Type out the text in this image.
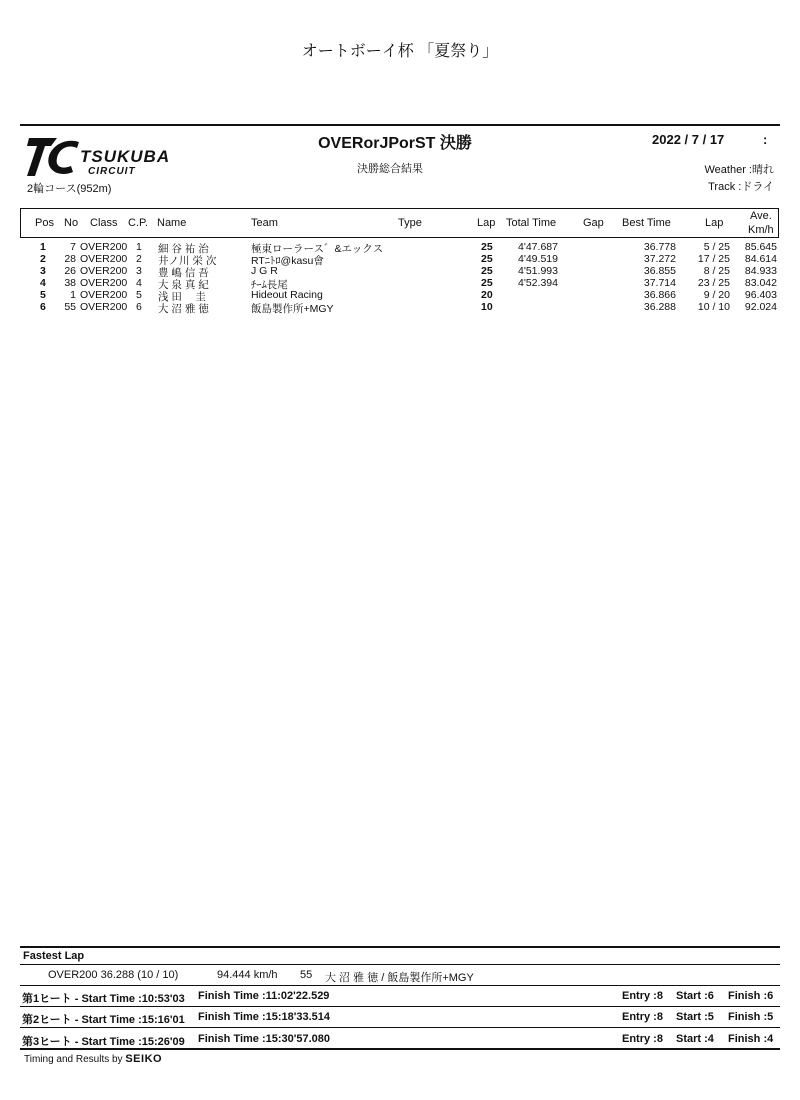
オートボーイ杯 「夏祭り」
TSUKUBA
CIRCUIT
2輪コース(952m)
OVERorJPorST 決勝	2022 / 7 / 17	:
決勝総合結果	Weather :晴れ
Track :ドライ
Pos No Class C.P. Name	Team	Type	Lap Total Time Gap Best Time	Lap
Ave.
Km/h
1	7 OVER200 1 細 谷 祐 治	極東ローラース゛&エックス	25 4'47.687	36.778	5 / 25	85.645
2	28 OVER200 2 井ノ川 栄 次	RTﾆﾄﾛ@kasu會	25 4'49.519	37.272	17 / 25	84.614
3	26 OVER200 3 豊 嶋 信 吾	J G R	25 4'51.993	36.855	8 / 25	84.933
4	38 OVER200 4 大 泉 真 紀	ﾁｰﾑ長尾	25 4'52.394	37.714	23 / 25	83.042
5	1 OVER200 5 浅 田 　圭	Hideout Racing	20	36.866	9 / 20	96.403
6	55 OVER200 6 大 沼 雅 徳	飯島製作所+MGY	10	36.288	10 / 10	92.024
Fastest Lap
OVER200 36.288 (10 / 10)	94.444 km/h 55 大 沼 雅 徳 / 飯島製作所+MGY
第1ヒート - Start Time :10:53'03 Finish Time :11:02'22.529	Entry :8 Start :6 Finish :6
第2ヒート - Start Time :15:16'01 Finish Time :15:18'33.514	Entry :8 Start :5 Finish :5
第3ヒート - Start Time :15:26'09 Finish Time :15:30'57.080	Entry :8 Start :4 Finish :4
Timing and Results by SEIKO
